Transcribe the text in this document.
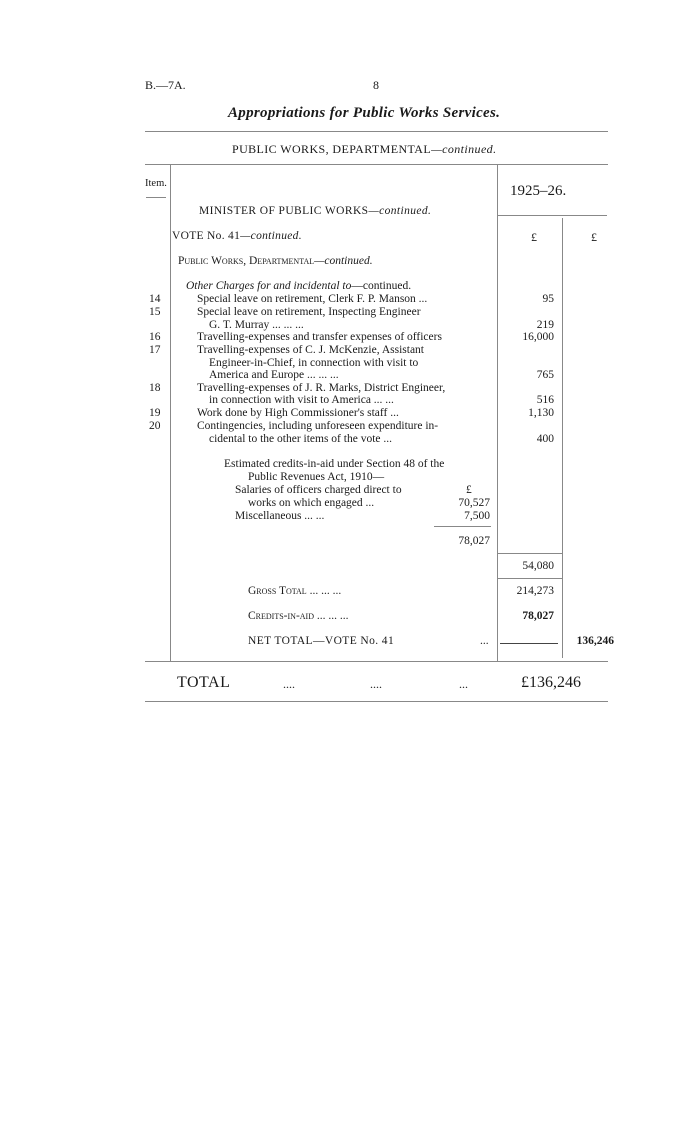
B.—7A.	8
Appropriations for Public Works Services.
PUBLIC WORKS, DEPARTMENTAL—continued.
Item.	1925–26.
MINISTER OF PUBLIC WORKS—continued.
VOTE No. 41—continued.	£	£
Public Works, Departmental—continued.
Other Charges for and incidental to—continued.
14	Special leave on retirement, Clerk F. P. Manson ...	95
15	Special leave on retirement, Inspecting Engineer
G. T. Murray ... ... ...	219
16	Travelling-expenses and transfer expenses of officers	16,000
17	Travelling-expenses of C. J. McKenzie, Assistant
Engineer-in-Chief, in connection with visit to
America and Europe ... ... ...	765
18	Travelling-expenses of J. R. Marks, District Engineer,
in connection with visit to America ... ...	516
19	Work done by High Commissioner's staff ...	1,130
20	Contingencies, including unforeseen expenditure in-
cidental to the other items of the vote ...	400
Estimated credits-in-aid under Section 48 of the
Public Revenues Act, 1910—
Salaries of officers charged direct to	£
works on which engaged ...	70,527
Miscellaneous ... ...	7,500
78,027
54,080
Gross Total ... ... ...	214,273
Credits-in-aid ... ... ...	78,027
NET TOTAL—VOTE No. 41	...	136,246
TOTAL	....	....	...	£136,246
